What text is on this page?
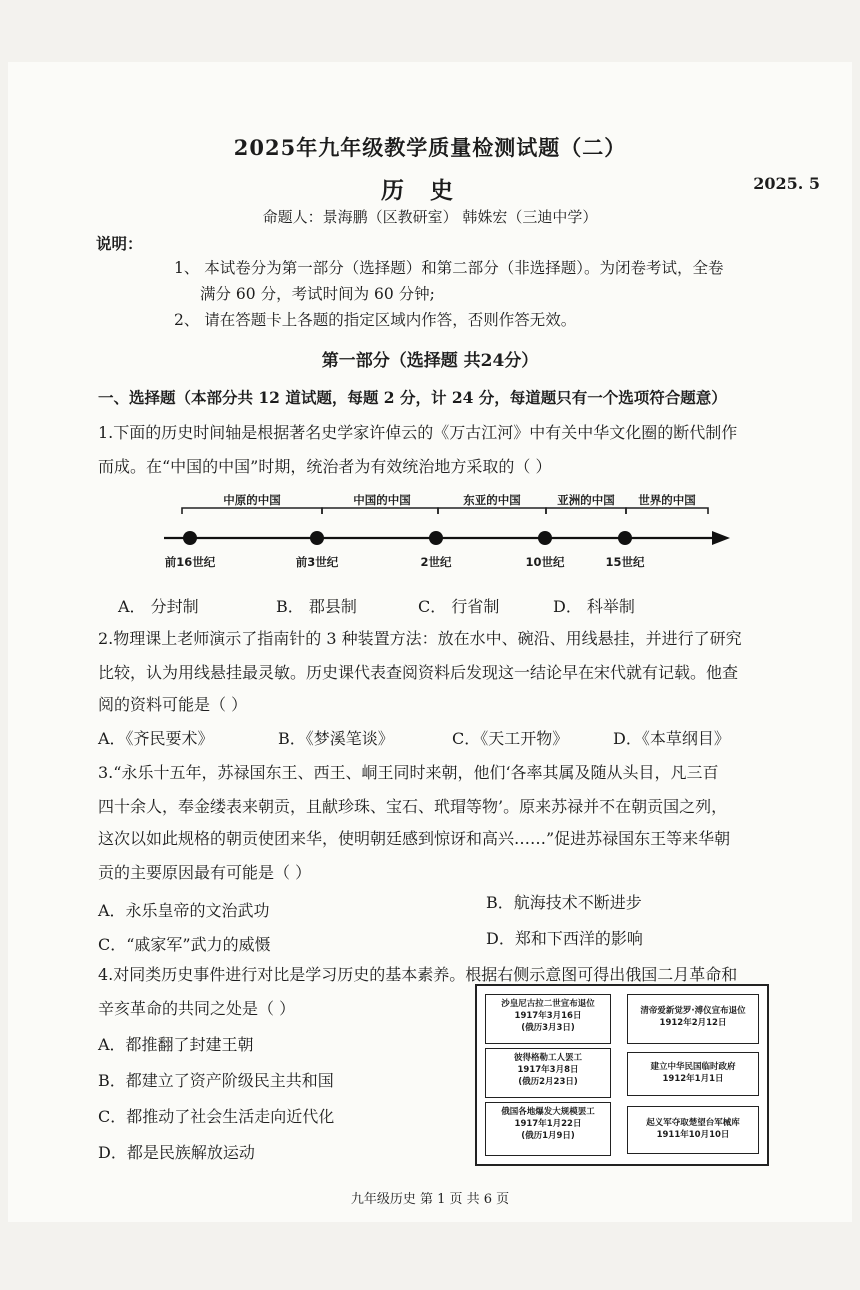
2025年九年级教学质量检测试题（二）
历史	2025. 5
命题人：景海鹏（区教研室） 韩姝宏（三迪中学）
说明：
1、 本试卷分为第一部分（选择题）和第二部分（非选择题）。为闭卷考试，全卷
满分 60 分，考试时间为 60 分钟;
2、 请在答题卡上各题的指定区域内作答，否则作答无效。
第一部分（选择题 共24分）
一、选择题（本部分共 12 道试题，每题 2 分，计 24 分，每道题只有一个选项符合题意）
1.下面的历史时间轴是根据著名史学家许倬云的《万古江河》中有关中华文化圈的断代制作
而成。在“中国的中国”时期，统治者为有效统治地方采取的（ ）
中原的中国	中国的中国	东亚的中国	亚洲的中国 世界的中国
前16世纪	前3世纪	2世纪	10世纪	15世纪
A． 分封制	B． 郡县制	C． 行省制	D． 科举制
2.物理课上老师演示了指南针的 3 种装置方法：放在水中、碗沿、用线悬挂，并进行了研究
比较，认为用线悬挂最灵敏。历史课代表查阅资料后发现这一结论早在宋代就有记载。他查
阅的资料可能是（ ）
A．《齐民要术》	B．《梦溪笔谈》	C．《天工开物》	D．《本草纲目》
3.“永乐十五年，苏禄国东王、西王、峒王同时来朝，他们‘各率其属及随从头目，凡三百
四十余人，奉金缕表来朝贡，且献珍珠、宝石、玳瑁等物’。原来苏禄并不在朝贡国之列，
这次以如此规格的朝贡使团来华，使明朝廷感到惊讶和高兴……”促进苏禄国东王等来华朝
贡的主要原因最有可能是（ ）
A．永乐皇帝的文治武功	B．航海技术不断进步
C．“戚家军”武力的威慑	D．郑和下西洋的影响
4.对同类历史事件进行对比是学习历史的基本素养。根据右侧示意图可得出俄国二月革命和
辛亥革命的共同之处是（ ）
A．都推翻了封建王朝
B．都建立了资产阶级民主共和国
C．都推动了社会生活走向近代化
D．都是民族解放运动
沙皇尼古拉二世宣布退位
1917年3月16日
(俄历3月3日)
彼得格勒工人罢工
1917年3月8日
(俄历2月23日)
俄国各地爆发大规模罢工
1917年1月22日
(俄历1月9日)
清帝爱新觉罗·溥仪宣布退位
1912年2月12日
建立中华民国临时政府
1912年1月1日
起义军夺取楚望台军械库
1911年10月10日
九年级历史 第 1 页 共 6 页
